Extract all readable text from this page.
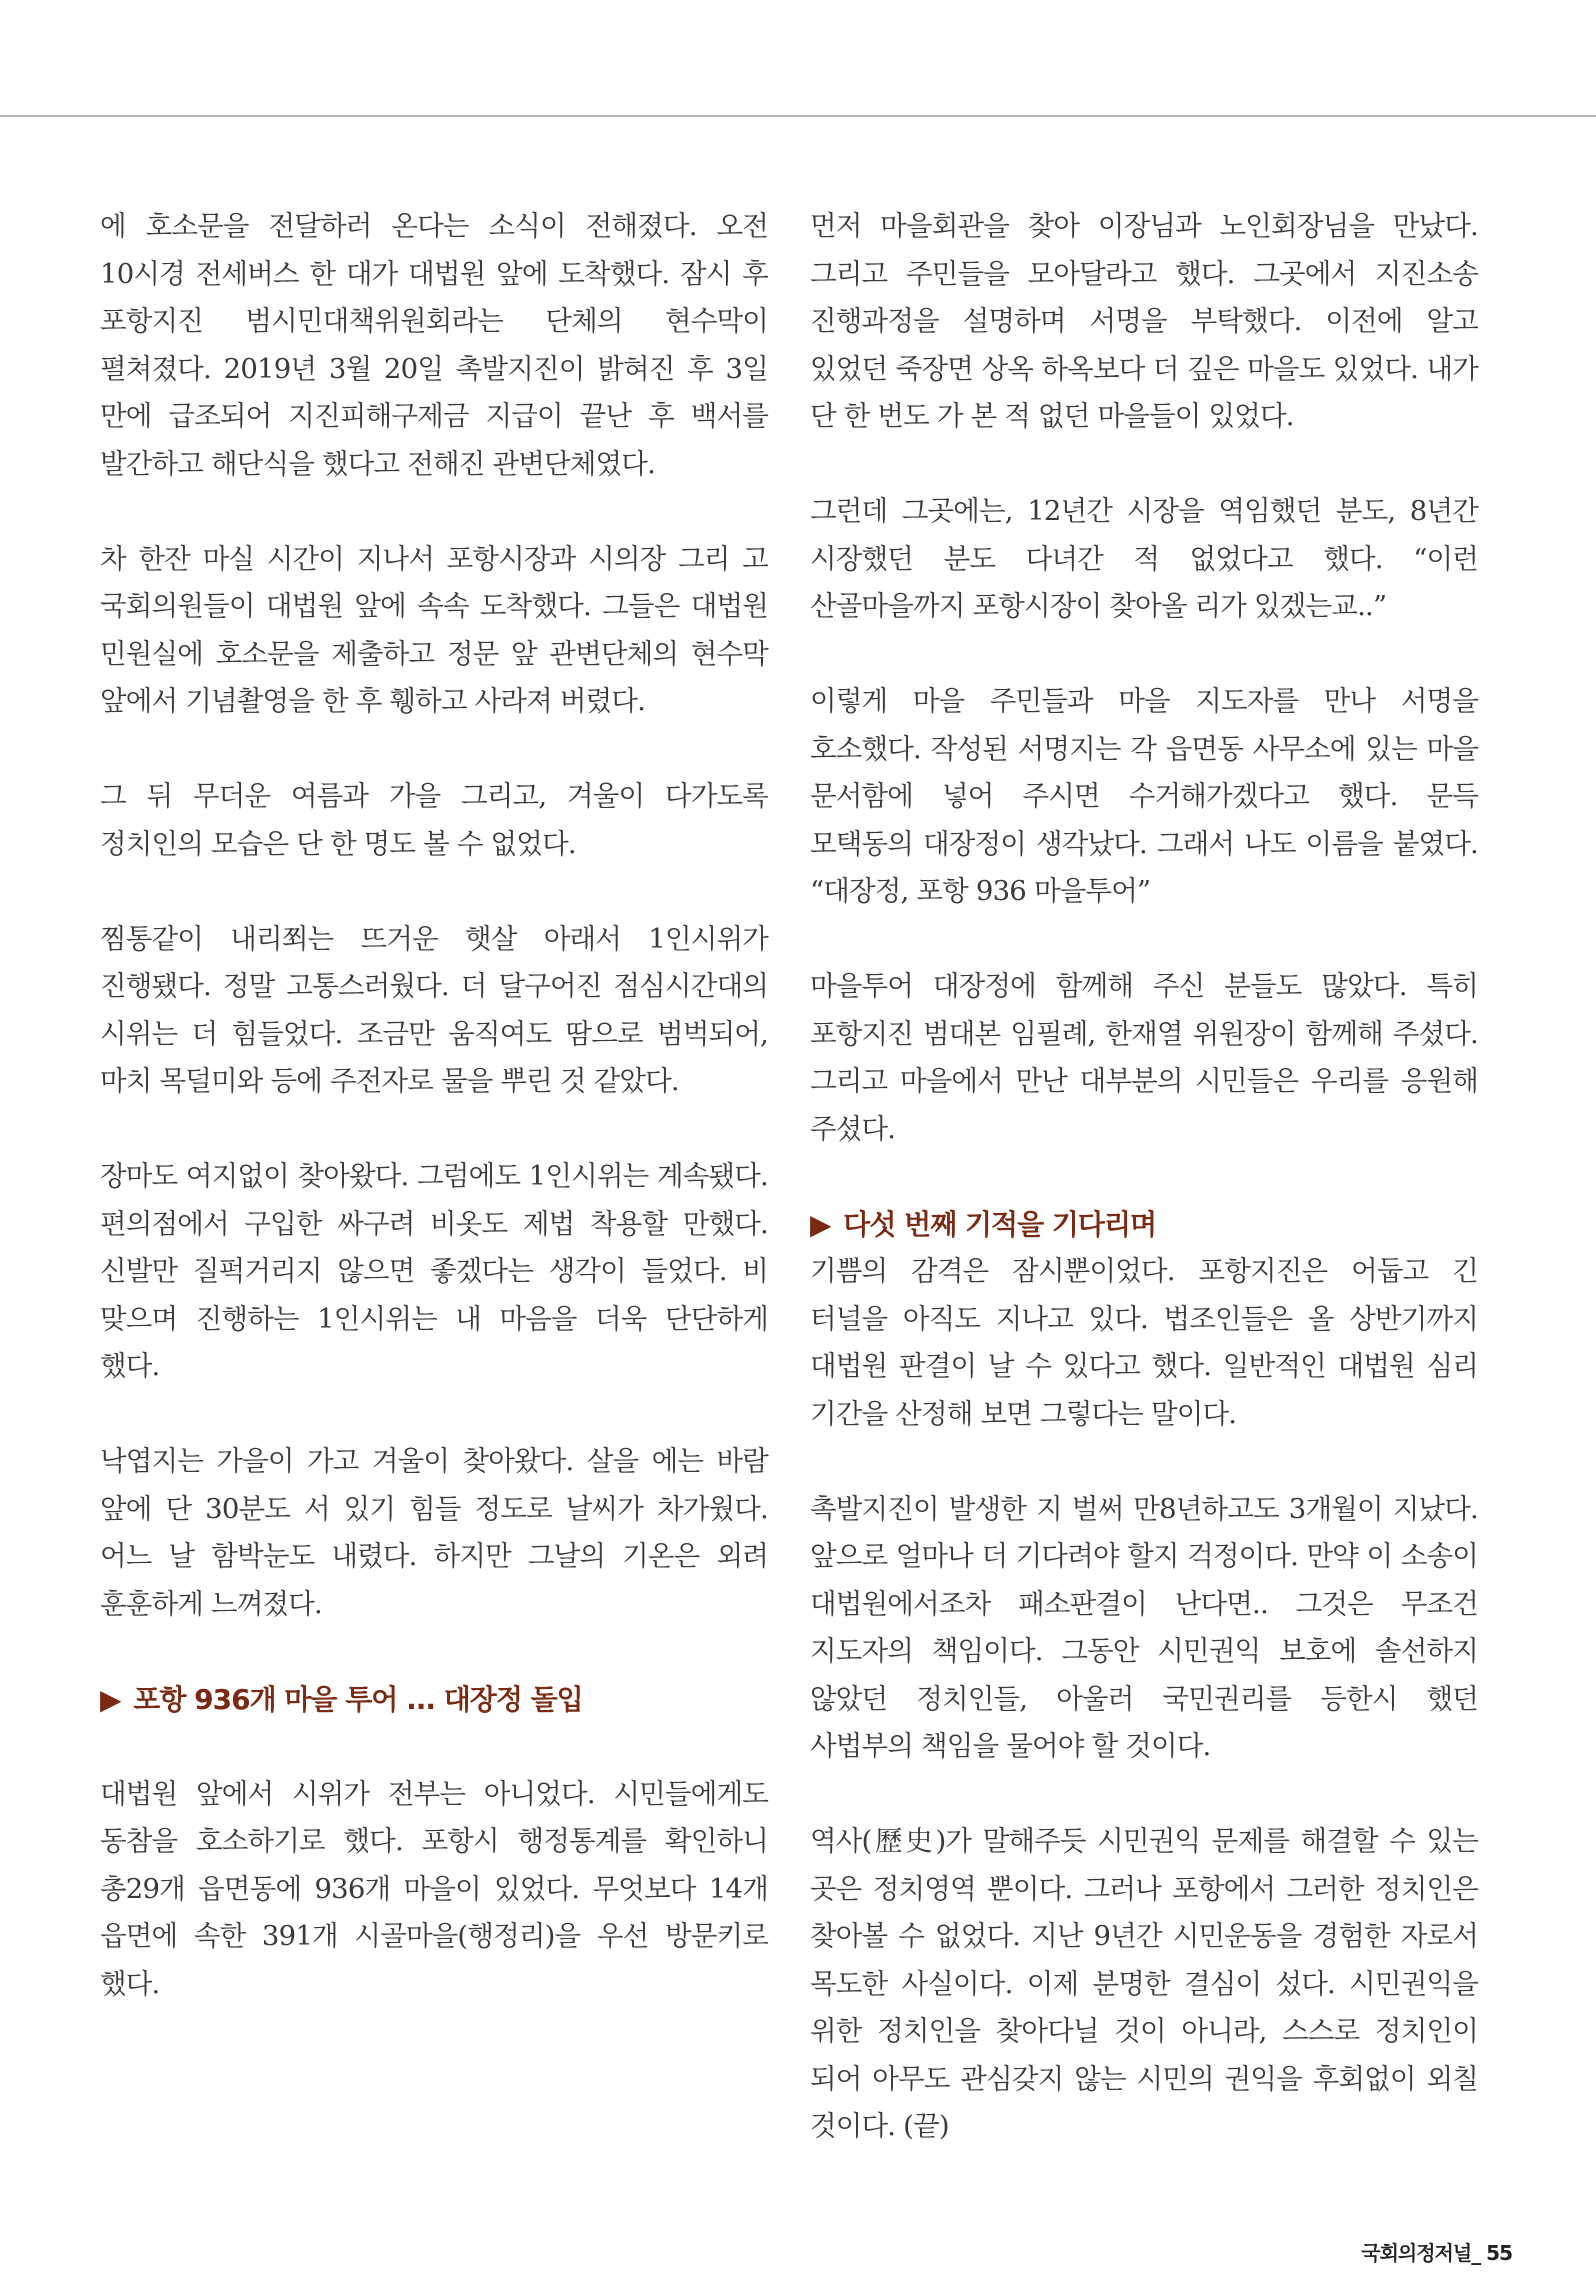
에 호소문을 전달하러 온다는 소식이 전해졌다. 오전 10시경 전세버스 한 대가 대법원 앞에 도착했다. 잠시 후 포항지진 범시민대책위원회라는 단체의 현수막이 펼쳐졌다. 2019년 3월 20일 촉발지진이 밝혀진 후 3일 만에 급조되어 지진피해구제금 지급이 끝난 후 백서를 발간하고 해단식을 했다고 전해진 관변단체였다.

차 한잔 마실 시간이 지나서 포항시장과 시의장 그리 고 국회의원들이 대법원 앞에 속속 도착했다. 그들은 대법원 민원실에 호소문을 제출하고 정문 앞 관변단체의 현수막 앞에서 기념촬영을 한 후 휑하고 사라져 버렸다.

그 뒤 무더운 여름과 가을 그리고, 겨울이 다가도록 정치인의 모습은 단 한 명도 볼 수 없었다.

찜통같이 내리쬐는 뜨거운 햇살 아래서 1인시위가 진행됐다. 정말 고통스러웠다. 더 달구어진 점심시간대의 시위는 더 힘들었다. 조금만 움직여도 땀으로 범벅되어, 마치 목덜미와 등에 주전자로 물을 뿌린 것 같았다.

장마도 여지없이 찾아왔다. 그럼에도 1인시위는 계속됐다. 편의점에서 구입한 싸구려 비옷도 제법 착용할 만했다. 신발만 질퍽거리지 않으면 좋겠다는 생각이 들었다. 비 맞으며 진행하는 1인시위는 내 마음을 더욱 단단하게 했다.

낙엽지는 가을이 가고 겨울이 찾아왔다. 살을 에는 바람 앞에 단 30분도 서 있기 힘들 정도로 날씨가 차가웠다. 어느 날 함박눈도 내렸다. 하지만 그날의 기온은 외려 훈훈하게 느껴졌다.

▶ 포항 936개 마을 투어 ... 대장정 돌입

대법원 앞에서 시위가 전부는 아니었다. 시민들에게도 동참을 호소하기로 했다. 포항시 행정통계를 확인하니 총29개 읍면동에 936개 마을이 있었다. 무엇보다 14개 읍면에 속한 391개 시골마을(행정리)을 우선 방문키로 했다.

먼저 마을회관을 찾아 이장님과 노인회장님을 만났다. 그리고 주민들을 모아달라고 했다. 그곳에서 지진소송 진행과정을 설명하며 서명을 부탁했다. 이전에 알고 있었던 죽장면 상옥 하옥보다 더 깊은 마을도 있었다. 내가 단 한 번도 가 본 적 없던 마을들이 있었다.

그런데 그곳에는, 12년간 시장을 역임했던 분도, 8년간 시장했던 분도 다녀간 적 없었다고 했다. “이런 산골마을까지 포항시장이 찾아올 리가 있겠는교..”

이렇게 마을 주민들과 마을 지도자를 만나 서명을 호소했다. 작성된 서명지는 각 읍면동 사무소에 있는 마을 문서함에 넣어 주시면 수거해가겠다고 했다. 문득 모택동의 대장정이 생각났다. 그래서 나도 이름을 붙였다. “대장정, 포항 936 마을투어”

마을투어 대장정에 함께해 주신 분들도 많았다. 특히 포항지진 범대본 임필례, 한재열 위원장이 함께해 주셨다. 그리고 마을에서 만난 대부분의 시민들은 우리를 응원해 주셨다.

▶ 다섯 번째 기적을 기다리며

기쁨의 감격은 잠시뿐이었다. 포항지진은 어둡고 긴 터널을 아직도 지나고 있다. 법조인들은 올 상반기까지 대법원 판결이 날 수 있다고 했다. 일반적인 대법원 심리 기간을 산정해 보면 그렇다는 말이다.

촉발지진이 발생한 지 벌써 만8년하고도 3개월이 지났다. 앞으로 얼마나 더 기다려야 할지 걱정이다. 만약 이 소송이 대법원에서조차 패소판결이 난다면.. 그것은 무조건 지도자의 책임이다. 그동안 시민권익 보호에 솔선하지 않았던 정치인들, 아울러 국민권리를 등한시 했던 사법부의 책임을 물어야 할 것이다.

역사(歷史)가 말해주듯 시민권익 문제를 해결할 수 있는 곳은 정치영역 뿐이다. 그러나 포항에서 그러한 정치인은 찾아볼 수 없었다. 지난 9년간 시민운동을 경험한 자로서 목도한 사실이다. 이제 분명한 결심이 섰다. 시민권익을 위한 정치인을 찾아다닐 것이 아니라, 스스로 정치인이 되어 아무도 관심갖지 않는 시민의 권익을 후회없이 외칠 것이다. (끝)

국회의정저널_ 55
